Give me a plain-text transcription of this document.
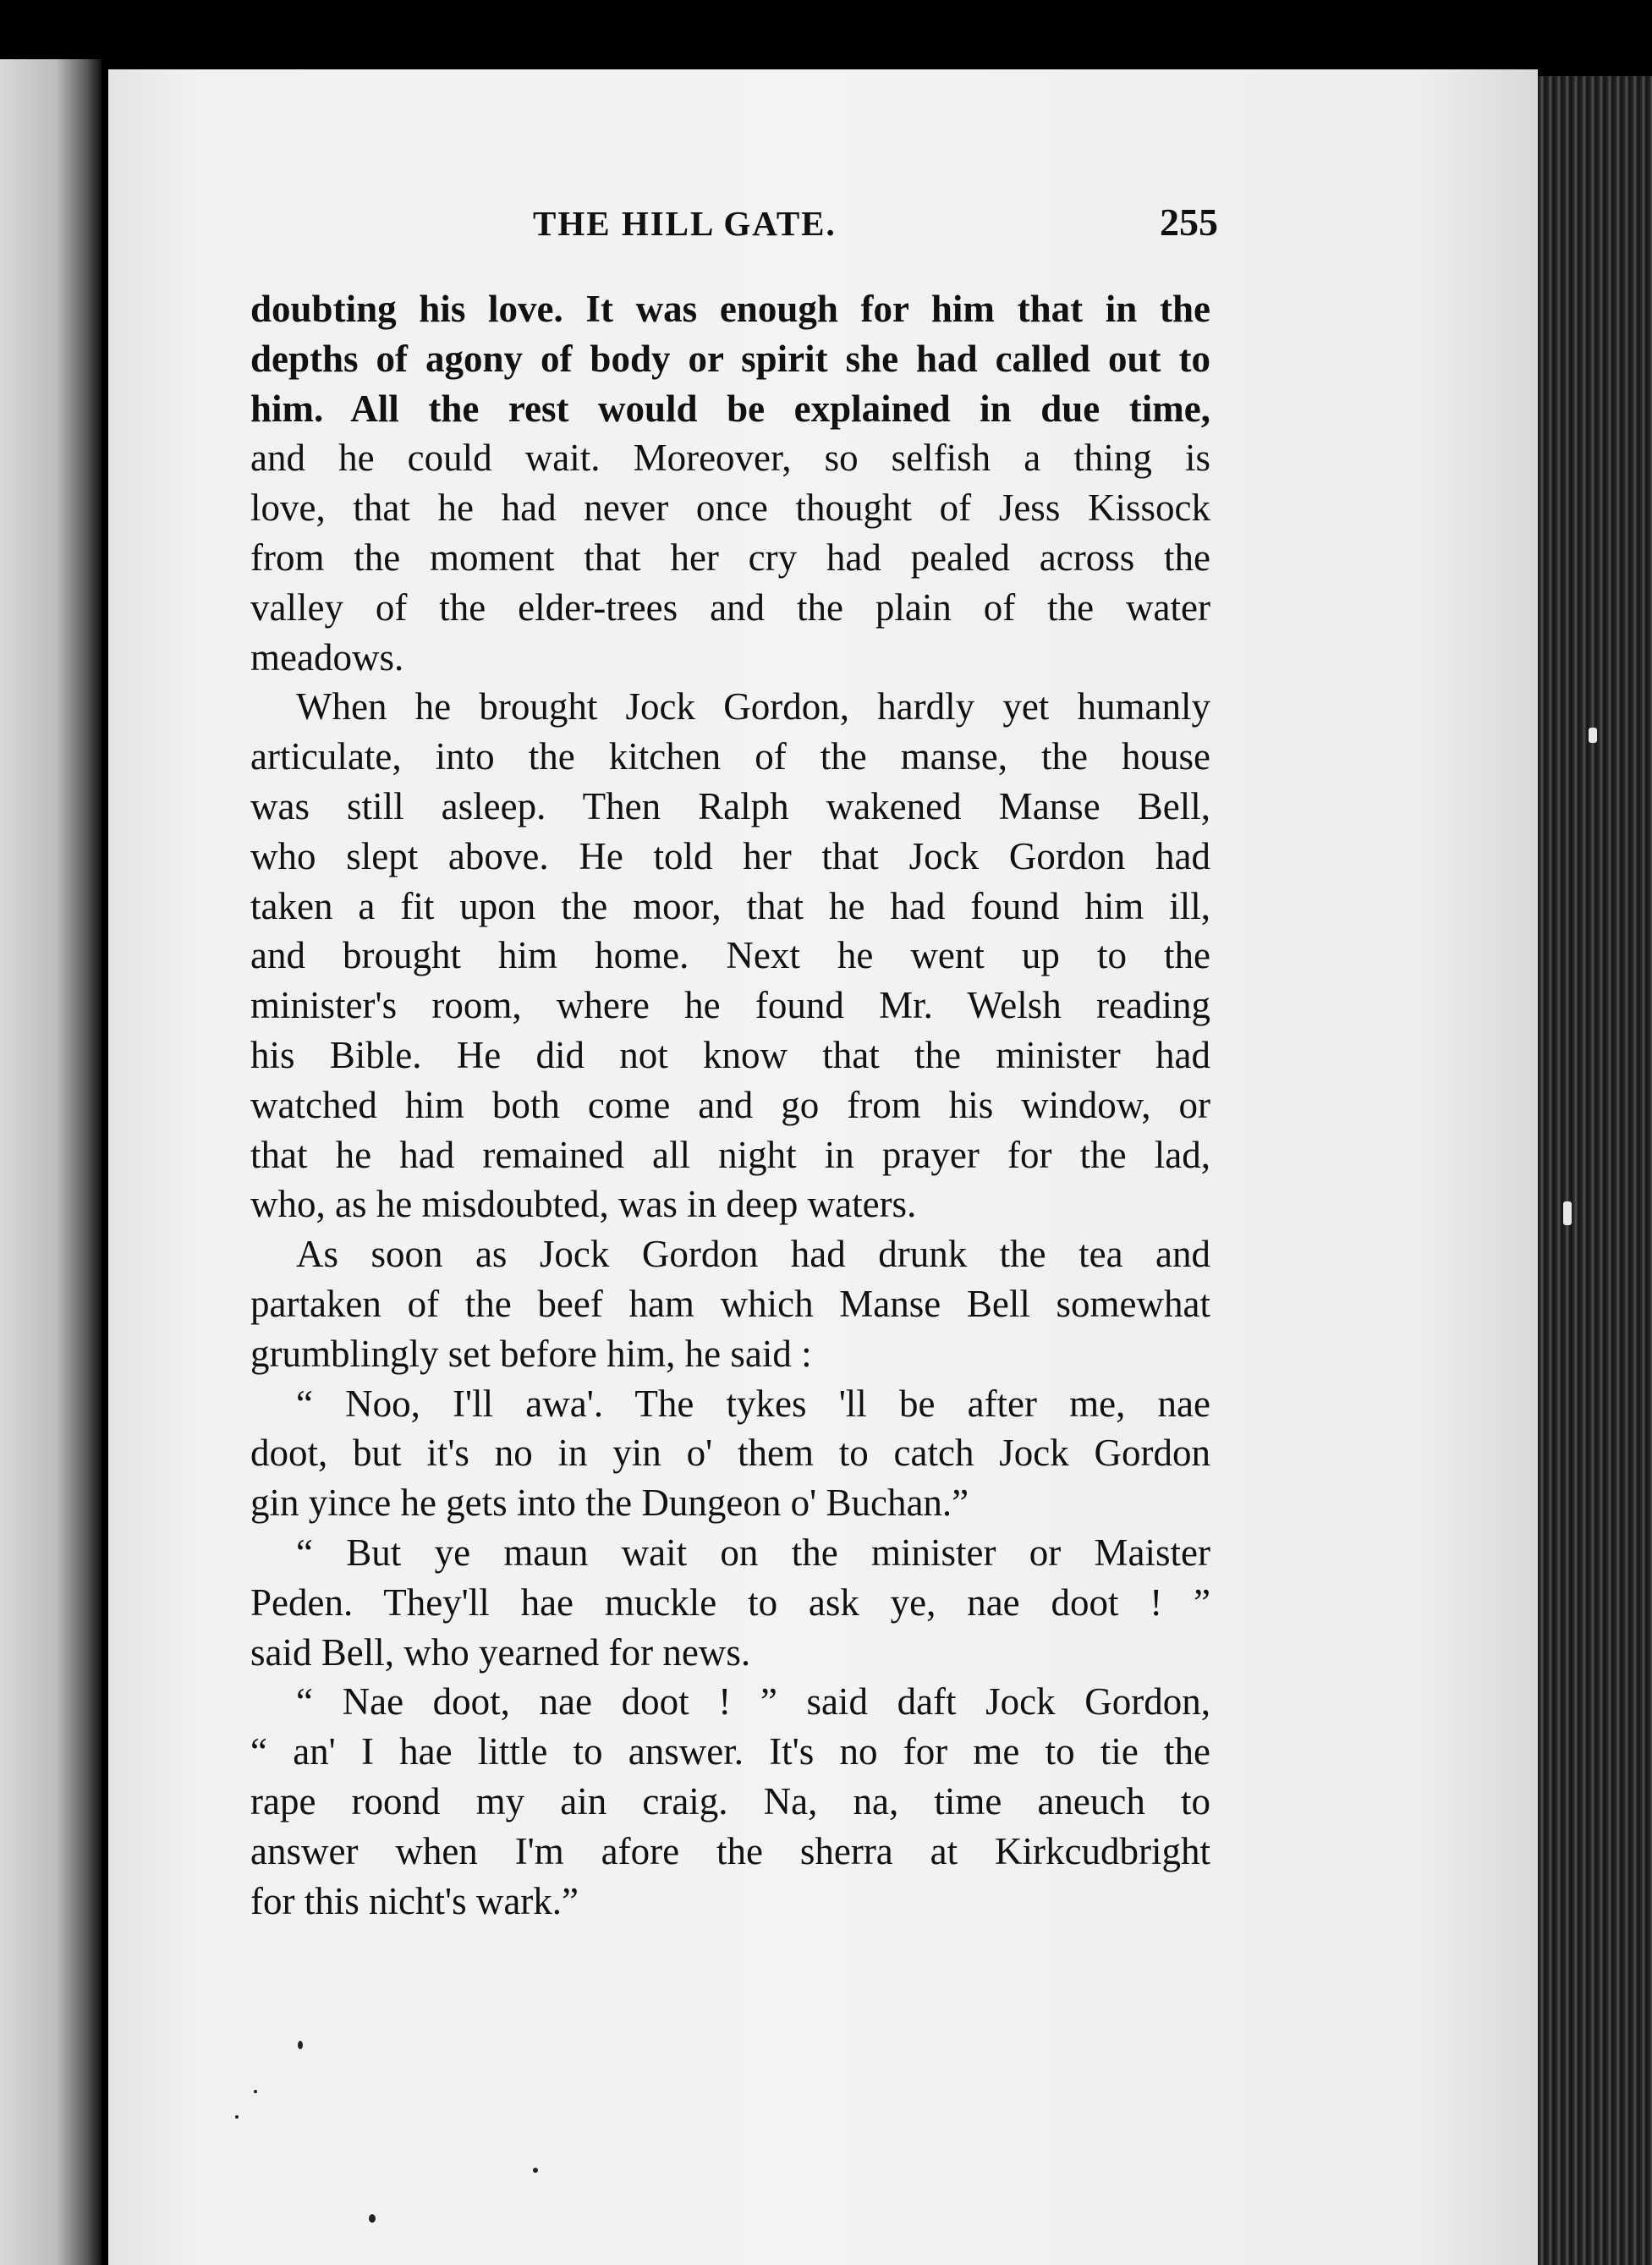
THE HILL GATE.	255
doubting his love. It was enough for him that in the
depths of agony of body or spirit she had called out to
him. All the rest would be explained in due time,
and he could wait. Moreover, so selfish a thing is
love, that he had never once thought of Jess Kissock
from the moment that her cry had pealed across the
valley of the elder-trees and the plain of the water
meadows.
When he brought Jock Gordon, hardly yet humanly
articulate, into the kitchen of the manse, the house
was still asleep. Then Ralph wakened Manse Bell,
who slept above. He told her that Jock Gordon had
taken a fit upon the moor, that he had found him ill,
and brought him home. Next he went up to the
minister's room, where he found Mr. Welsh reading
his Bible. He did not know that the minister had
watched him both come and go from his window, or
that he had remained all night in prayer for the lad,
who, as he misdoubted, was in deep waters.
As soon as Jock Gordon had drunk the tea and
partaken of the beef ham which Manse Bell somewhat
grumblingly set before him, he said :
“ Noo, I'll awa'. The tykes 'll be after me, nae
doot, but it's no in yin o' them to catch Jock Gordon
gin yince he gets into the Dungeon o' Buchan.”
“ But ye maun wait on the minister or Maister
Peden. They'll hae muckle to ask ye, nae doot ! ”
said Bell, who yearned for news.
“ Nae doot, nae doot ! ” said daft Jock Gordon,
“ an' I hae little to answer. It's no for me to tie the
rape roond my ain craig. Na, na, time aneuch to
answer when I'm afore the sherra at Kirkcudbright
for this nicht's wark.”
